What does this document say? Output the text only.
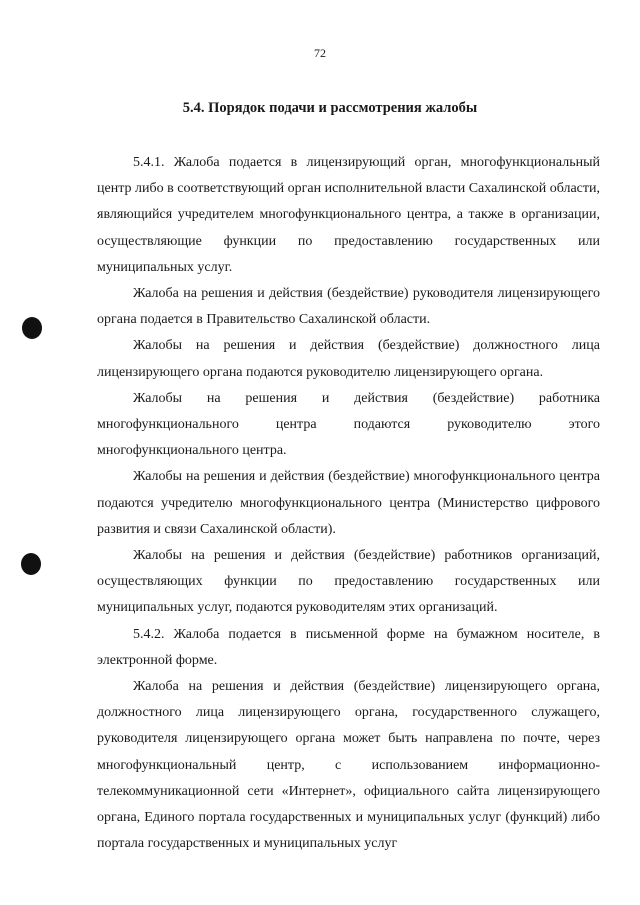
72
5.4. Порядок подачи и рассмотрения жалобы

5.4.1. Жалоба подается в лицензирующий орган, многофункциональный центр либо в соответствующий орган исполнительной власти Сахалинской области, являющийся учредителем многофункционального центра, а также в организации, осуществляющие функции по предоставлению государственных или муниципальных услуг.

Жалоба на решения и действия (бездействие) руководителя лицензирующего органа подается в Правительство Сахалинской области.

Жалобы на решения и действия (бездействие) должностного лица лицензирующего органа подаются руководителю лицензирующего органа.

Жалобы на решения и действия (бездействие) работника многофункционального центра подаются руководителю этого многофункционального центра.

Жалобы на решения и действия (бездействие) многофункционального центра подаются учредителю многофункционального центра (Министерство цифрового развития и связи Сахалинской области).

Жалобы на решения и действия (бездействие) работников организаций, осуществляющих функции по предоставлению государственных или муниципальных услуг, подаются руководителям этих организаций.

5.4.2. Жалоба подается в письменной форме на бумажном носителе, в электронной форме.

Жалоба на решения и действия (бездействие) лицензирующего органа, должностного лица лицензирующего органа, государственного служащего, руководителя лицензирующего органа может быть направлена по почте, через многофункциональный центр, с использованием информационно-телекоммуникационной сети «Интернет», официального сайта лицензирующего органа, Единого портала государственных и муниципальных услуг (функций) либо портала государственных и муниципальных услуг
